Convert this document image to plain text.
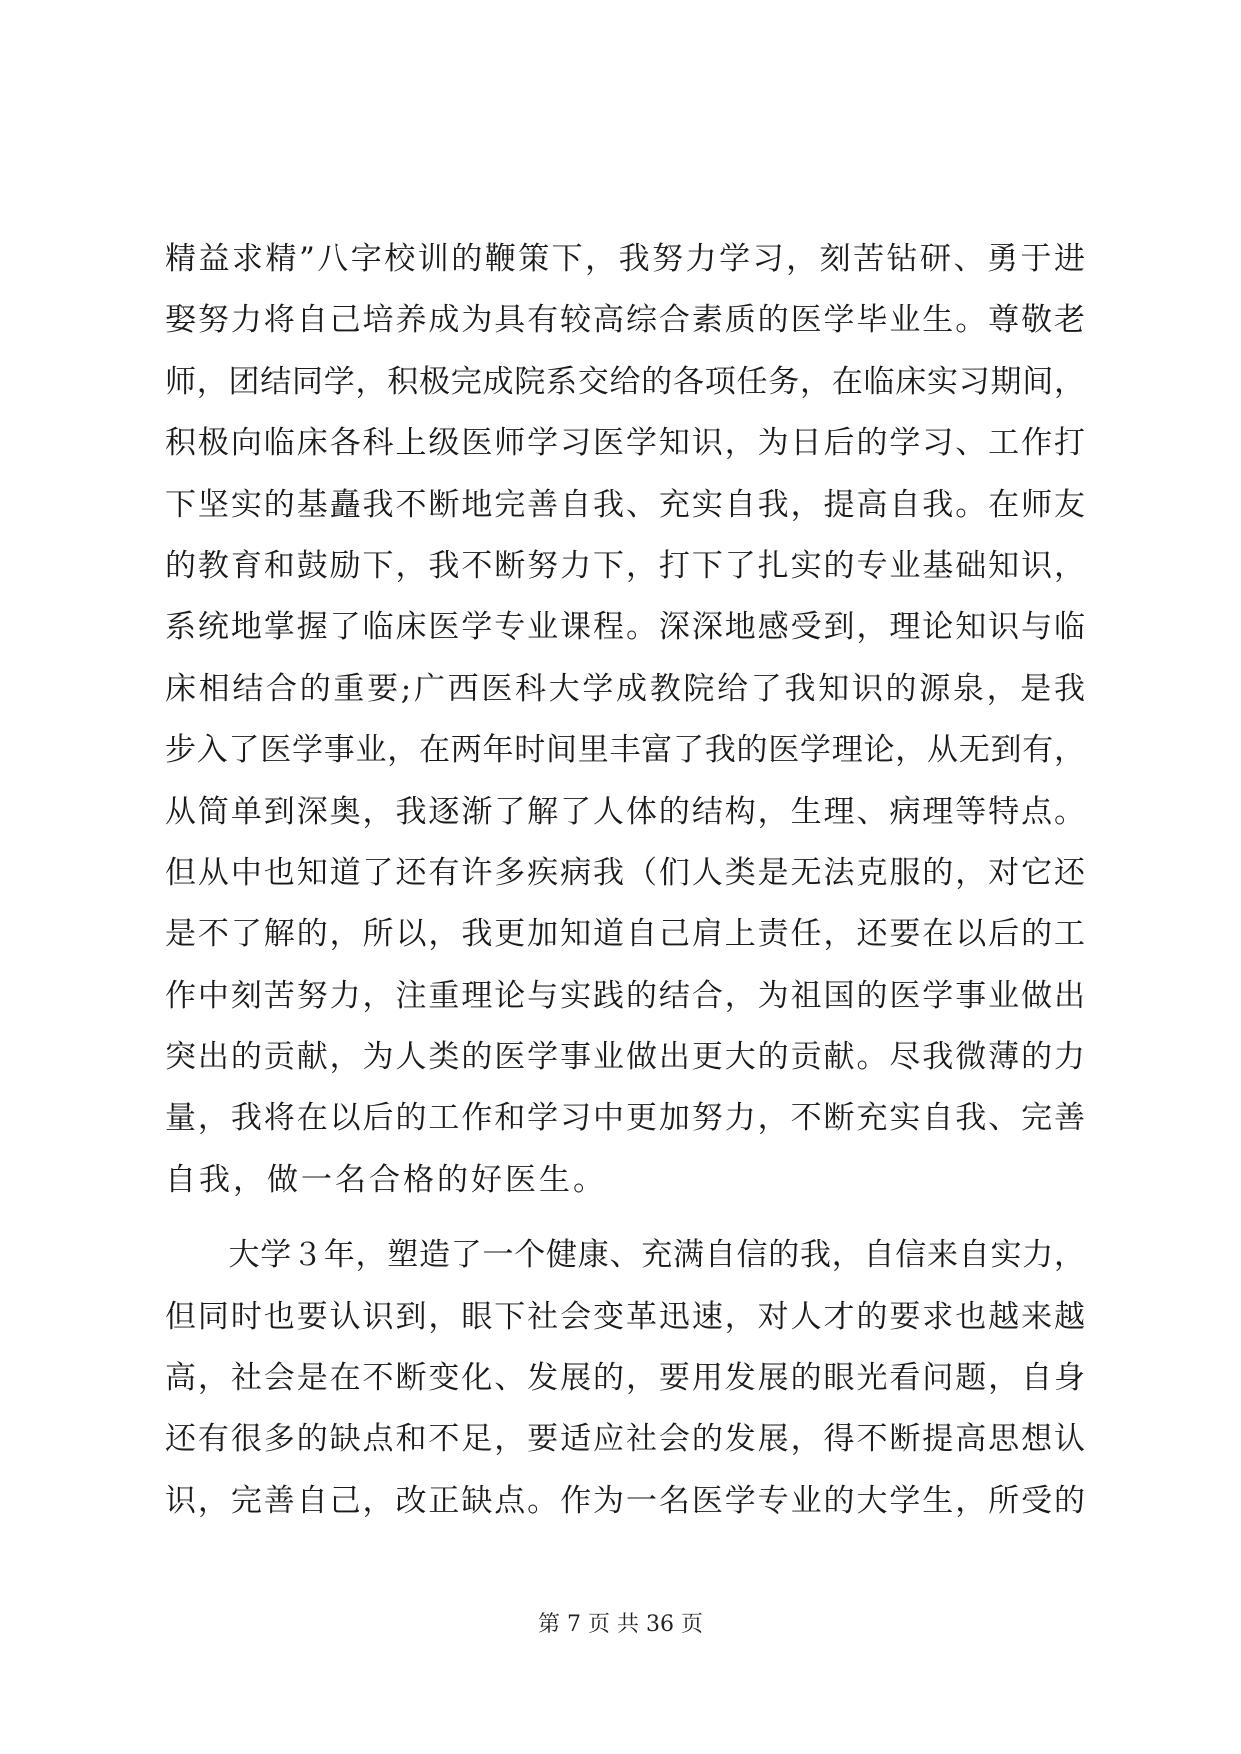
精益求精”八字校训的鞭策下，我努力学习，刻苦钻研、勇于进
娶努力将自己培养成为具有较高综合素质的医学毕业生。尊敬老
师，团结同学，积极完成院系交给的各项任务，在临床实习期间，
积极向临床各科上级医师学习医学知识，为日后的学习、工作打
下坚实的基矗我不断地完善自我、充实自我，提高自我。在师友
的教育和鼓励下，我不断努力下，打下了扎实的专业基础知识，
系统地掌握了临床医学专业课程。深深地感受到，理论知识与临
床相结合的重要;广西医科大学成教院给了我知识的源泉，是我
步入了医学事业，在两年时间里丰富了我的医学理论，从无到有，
从简单到深奥，我逐渐了解了人体的结构，生理、病理等特点。
但从中也知道了还有许多疾病我（们人类是无法克服的，对它还
是不了解的，所以，我更加知道自己肩上责任，还要在以后的工
作中刻苦努力，注重理论与实践的结合，为祖国的医学事业做出
突出的贡献，为人类的医学事业做出更大的贡献。尽我微薄的力
量，我将在以后的工作和学习中更加努力，不断充实自我、完善
自我，做一名合格的好医生。
　　大学３年，塑造了一个健康、充满自信的我，自信来自实力，
但同时也要认识到，眼下社会变革迅速，对人才的要求也越来越
高，社会是在不断变化、发展的，要用发展的眼光看问题，自身
还有很多的缺点和不足，要适应社会的发展，得不断提高思想认
识，完善自己，改正缺点。作为一名医学专业的大学生，所受的
第 7 页 共 36 页
